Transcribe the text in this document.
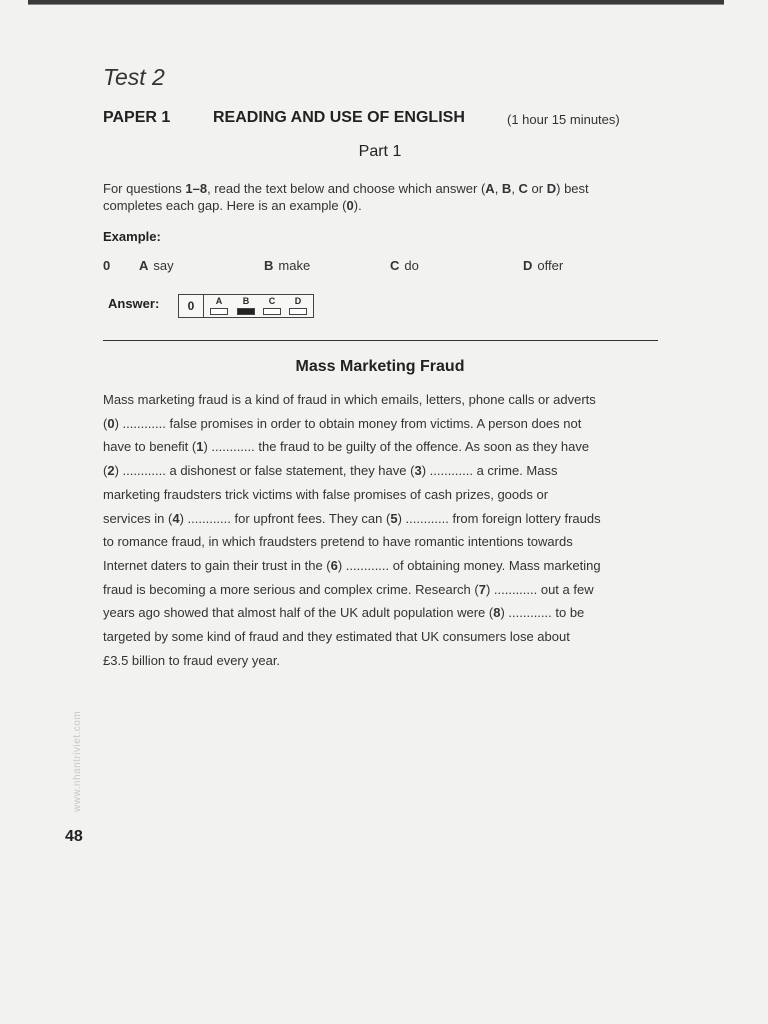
Test 2
PAPER 1	READING AND USE OF ENGLISH	(1 hour 15 minutes)
Part 1
For questions 1–8, read the text below and choose which answer (A, B, C or D) best completes each gap. Here is an example (0).
Example:
0	A say	B make	C do	D offer
Answer:	0	A	B	C	D
Mass Marketing Fraud
Mass marketing fraud is a kind of fraud in which emails, letters, phone calls or adverts
(0) ............ false promises in order to obtain money from victims. A person does not
have to benefit (1) ............ the fraud to be guilty of the offence. As soon as they have
(2) ............ a dishonest or false statement, they have (3) ............ a crime. Mass
marketing fraudsters trick victims with false promises of cash prizes, goods or
services in (4) ............ for upfront fees. They can (5) ............ from foreign lottery frauds
to romance fraud, in which fraudsters pretend to have romantic intentions towards
Internet daters to gain their trust in the (6) ............ of obtaining money. Mass marketing
fraud is becoming a more serious and complex crime. Research (7) ............ out a few
years ago showed that almost half of the UK adult population were (8) ............ to be
targeted by some kind of fraud and they estimated that UK consumers lose about
£3.5 billion to fraud every year.
www.nhantriviet.com
48
